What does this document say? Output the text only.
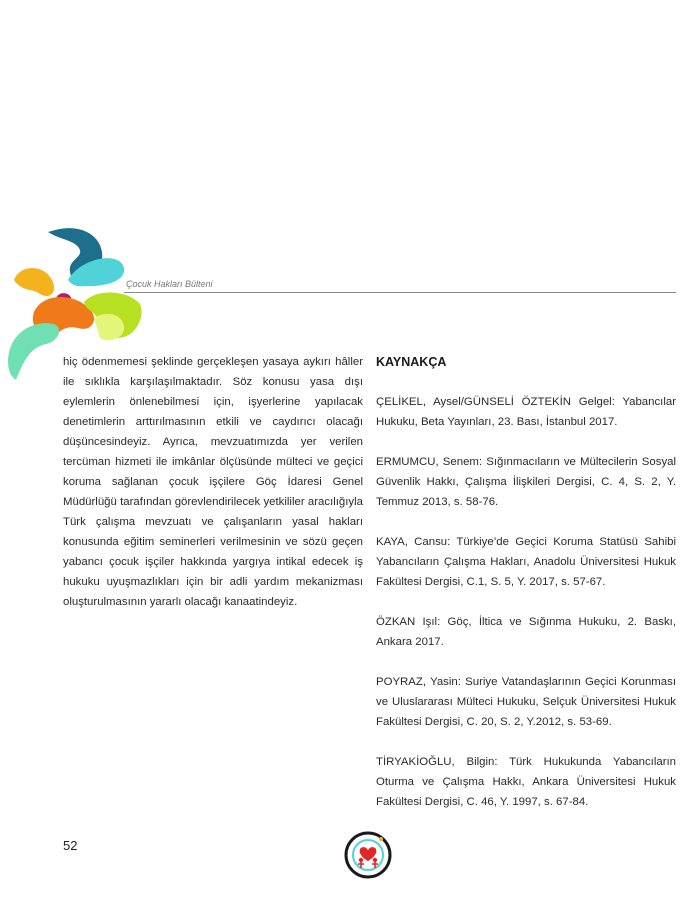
Çocuk Hakları Bülteni

hiç ödenmemesi şeklinde gerçekleşen yasaya aykırı hâller ile sıklıkla karşılaşılmaktadır. Söz konusu yasa dışı eylemlerin önlenebilmesi için, işyerlerine yapılacak denetimlerin arttırılmasının etkili ve caydırıcı olacağı düşüncesindeyiz. Ayrıca, mevzuatımızda yer verilen tercüman hizmeti ile imkânlar ölçüsünde mülteci ve geçici koruma sağlanan çocuk işçilere Göç İdaresi Genel Müdürlüğü tarafından görevlendirilecek yetkililer aracılığıyla Türk çalışma mevzuatı ve çalışanların yasal hakları konusunda eğitim seminerleri verilmesinin ve sözü geçen yabancı çocuk işçiler hakkında yargıya intikal edecek iş hukuku uyuşmazlıkları için bir adli yardım mekanizması oluşturulmasının yararlı olacağı kanaatindeyiz.

KAYNAKÇA
ÇELİKEL, Aysel/GÜNSELİ ÖZTEKİN Gelgel: Yabancılar Hukuku, Beta Yayınları, 23. Bası, İstanbul 2017.
ERMUMCU, Senem: Sığınmacıların ve Mültecilerin Sosyal Güvenlik Hakkı, Çalışma İlişkileri Dergisi, C. 4, S. 2, Y. Temmuz 2013, s. 58-76.
KAYA, Cansu: Türkiye’de Geçici Koruma Statüsü Sahibi Yabancıların Çalışma Hakları, Anadolu Üniversitesi Hukuk Fakültesi Dergisi, C.1, S. 5, Y. 2017, s. 57-67.
ÖZKAN Işıl: Göç, İltica ve Sığınma Hukuku, 2. Baskı, Ankara 2017.
POYRAZ, Yasin: Suriye Vatandaşlarının Geçici Korunması ve Uluslararası Mülteci Hukuku, Selçuk Üniversitesi Hukuk Fakültesi Dergisi, C. 20, S. 2, Y.2012, s. 53-69.
TİRYAKİOĞLU, Bilgin: Türk Hukukunda Yabancıların Oturma ve Çalışma Hakkı, Ankara Üniversitesi Hukuk Fakültesi Dergisi, C. 46, Y. 1997, s. 67-84.
52
